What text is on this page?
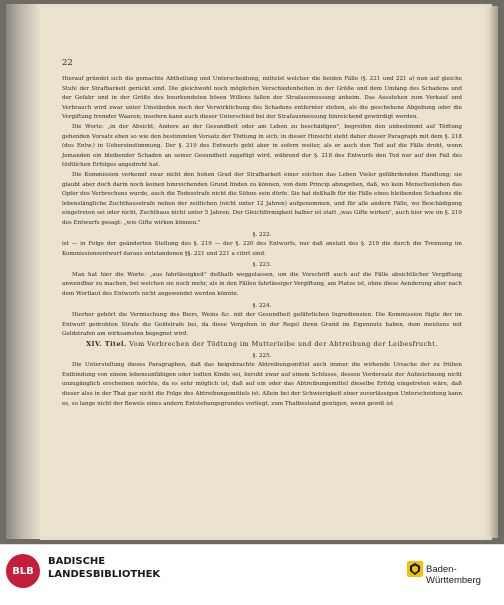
22

Hierauf gründet sich die gemachte Abtheilung und Unterscheidung, mittelst welcher die beiden Fälle (§. 221 und 221 a) nun auf gleiche Stufe der Strafbarkeit gerückt sind. Die gleichwohl noch möglichen Verschiedenheiten in der Größe und dem Umfang des Schadens und der Gefahr und in der Größe des beurkundeten bösen Willens fallen der Strafausmessung anheim. Das Ausstehen zum Verkauf und Verbrauch wird zwar unter Umständen noch der Verwirklichung des Schadens entfernter stehen, als die geschehene Abgebung oder die Vergiftung fremder Waaren; insofern kann auch dieser Unterschied bei der Strafausmessung hinreichend gewürdigt werden.

Die Worte: „in der Absicht, Andere an der Gesundheit oder am Leben zu beschädigen", begreifen den unbestimmt auf Tödtung gehenden Vorsatz eben so wie den bestimmten Vorsatz der Tödtung in sich; in dieser Hinsicht steht daher dieser Paragraph mit dem §. 218 (des Entw.) in Uebereinstimmung. Der §. 219 des Entwurfs geht aber in sofern weiter, als er auch den Tod auf die Fälle droht, wenn Jemanden ein bleibender Schaden an seiner Gesundheit zugefügt wird, während der §. 218 des Entwurfs den Tod nur auf den Fall des tödtlichen Erfolges angedroht hat.

Die Kommission verkennt zwar nicht den hohen Grad der Strafbarkeit einer solchen das Leben Vieler gefährdenden Handlung; sie glaubt aber doch darin noch keinen hinreichenden Grund finden zu können, von dem Princip abzugehen, daß, wo kein Menschenleben das Opfer des Verbrechens wurde, auch die Todesstrafe nicht die Sühne sein dürfe. Sie hat deßhalb für die Fälle eines bleibenden Schadens die lebenslängliche Zuchthausstrafe neben der zeitlichen (nicht unter 12 Jahren) aufgenommen, und für alle andern Fälle, wo Beschädigung eingetreten sei oder nicht, Zuchthaus nicht unter 5 Jahren. Der Gleichförmigkeit halber ist statt „was Gifte wirken", auch hier wie im §. 219 des Entwurfs gesagt: „wie Gifte wirken können."

§. 222.

ist — in Folge der geänderten Stellung des §. 219 — der §. 220 des Entwurfs, nur daß anstatt des §. 219 die durch die Trennung im Kommissionsentwurf daraus entstandenen §§. 221 und 221 a citirt sind.

§. 223.

Man hat hier die Worte: „aus fahrlässigkeit" deßhalb weggelassen, um die Vorschrift auch auf die Fälle absichtlicher Vergiftung anwendbar zu machen, bei welchen sie noch mehr, als in den Fällen fahrlässiger Vergiftung, am Platze ist, ohne diese Aenderung aber nach dem Wortlaut des Entwurfs nicht angewendet werden könnte.

§. 224.

Hierher gehört die Vermischung des Biers, Weins &c. mit der Gesundheit gefährlichen Ingredienzien. Die Kommission fügte der im Entwurf gedrohten Strafe die Geldstrafe bei, da diese Vergehen in der Regel ihren Grund im Eigennutz haben, dem meistens mit Geldstrafen am wirksamsten begegnet wird.

XIV. Titel. Vom Verbrechen der Tödtung im Mutterleibe und der Abtreibung der Leibesfrucht.
§. 225.

Die Unterstellung dieses Paragraphen, daß das beigebrachte Abtreibungsmittel auch immer die wirkende Ursache der zu frühen Entbindung von einem lebensunfähigen oder todten Kinde sei, beruht zwar auf einem Schlusse, dessen Vordersatz der Aufzeichnung nicht unzugänglich erscheinen möchte, da es sehr möglich ist, daß auf ein oder das Abtreibungsmittel dieselbe Erfolg eingetreten wäre, daß dieser also in der That gar nicht die Folge des Abtreibungsmittels ist. Allein bei der Schwierigkeit einer zuverlässigen Unterscheidung kann es, so lange nicht der Beweis eines andern Entstehungsgrundes vorliegt, zum Thatbestand genügen, wenn gewiß ist

BLB
BADISCHE
LANDESBIBLIOTHEK	Baden-Württemberg
